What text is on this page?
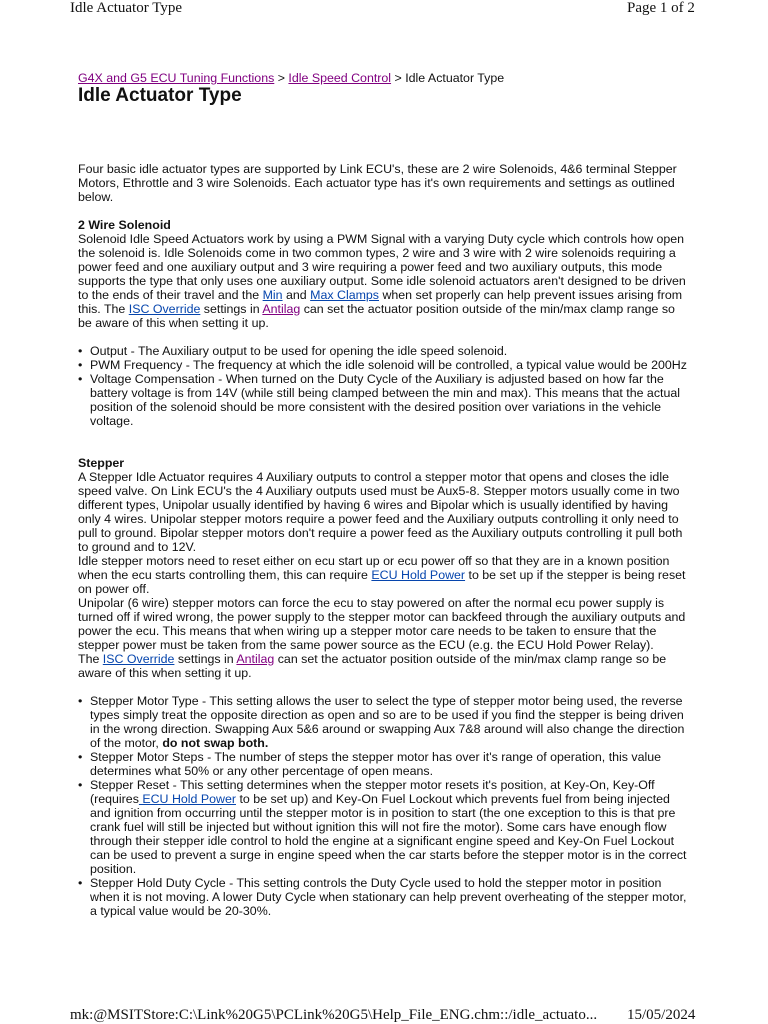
Idle Actuator Type	Page 1 of 2
G4X and G5 ECU Tuning Functions > Idle Speed Control > Idle Actuator Type
Idle Actuator Type

Four basic idle actuator types are supported by Link ECU's, these are 2 wire Solenoids, 4&6 terminal Stepper Motors, Ethrottle and 3 wire Solenoids. Each actuator type has it's own requirements and settings as outlined below.

2 Wire Solenoid

Solenoid Idle Speed Actuators work by using a PWM Signal with a varying Duty cycle which controls how open the solenoid is. Idle Solenoids come in two common types, 2 wire and 3 wire with 2 wire solenoids requiring a power feed and one auxiliary output and 3 wire requiring a power feed and two auxiliary outputs, this mode supports the type that only uses one auxiliary output. Some idle solenoid actuators aren't designed to be driven to the ends of their travel and the Min and Max Clamps when set properly can help prevent issues arising from this. The ISC Override settings in Antilag can set the actuator position outside of the min/max clamp range so be aware of this when setting it up.

• Output - The Auxiliary output to be used for opening the idle speed solenoid.
• PWM Frequency - The frequency at which the idle solenoid will be controlled, a typical value would be 200Hz
• Voltage Compensation - When turned on the Duty Cycle of the Auxiliary is adjusted based on how far the battery voltage is from 14V (while still being clamped between the min and max). This means that the actual position of the solenoid should be more consistent with the desired position over variations in the vehicle voltage.

Stepper

A Stepper Idle Actuator requires 4 Auxiliary outputs to control a stepper motor that opens and closes the idle speed valve. On Link ECU's the 4 Auxiliary outputs used must be Aux5-8. Stepper motors usually come in two different types, Unipolar usually identified by having 6 wires and Bipolar which is usually identified by having only 4 wires. Unipolar stepper motors require a power feed and the Auxiliary outputs controlling it only need to pull to ground. Bipolar stepper motors don't require a power feed as the Auxiliary outputs controlling it pull both to ground and to 12V.

Idle stepper motors need to reset either on ecu start up or ecu power off so that they are in a known position when the ecu starts controlling them, this can require ECU Hold Power to be set up if the stepper is being reset on power off.

Unipolar (6 wire) stepper motors can force the ecu to stay powered on after the normal ecu power supply is turned off if wired wrong, the power supply to the stepper motor can backfeed through the auxiliary outputs and power the ecu. This means that when wiring up a stepper motor care needs to be taken to ensure that the stepper power must be taken from the same power source as the ECU (e.g. the ECU Hold Power Relay).

The ISC Override settings in Antilag can set the actuator position outside of the min/max clamp range so be aware of this when setting it up.

• Stepper Motor Type - This setting allows the user to select the type of stepper motor being used, the reverse types simply treat the opposite direction as open and so are to be used if you find the stepper is being driven in the wrong direction. Swapping Aux 5&6 around or swapping Aux 7&8 around will also change the direction of the motor, do not swap both.
• Stepper Motor Steps - The number of steps the stepper motor has over it's range of operation, this value determines what 50% or any other percentage of open means.
• Stepper Reset - This setting determines when the stepper motor resets it's position, at Key-On, Key-Off (requires ECU Hold Power to be set up) and Key-On Fuel Lockout which prevents fuel from being injected and ignition from occurring until the stepper motor is in position to start (the one exception to this is that pre crank fuel will still be injected but without ignition this will not fire the motor). Some cars have enough flow through their stepper idle control to hold the engine at a significant engine speed and Key-On Fuel Lockout can be used to prevent a surge in engine speed when the car starts before the stepper motor is in the correct position.
• Stepper Hold Duty Cycle - This setting controls the Duty Cycle used to hold the stepper motor in position when it is not moving. A lower Duty Cycle when stationary can help prevent overheating of the stepper motor, a typical value would be 20-30%.
mk:@MSITStore:C:\Link%20G5\PCLink%20G5\Help_File_ENG.chm::/idle_actuato... 15/05/2024
